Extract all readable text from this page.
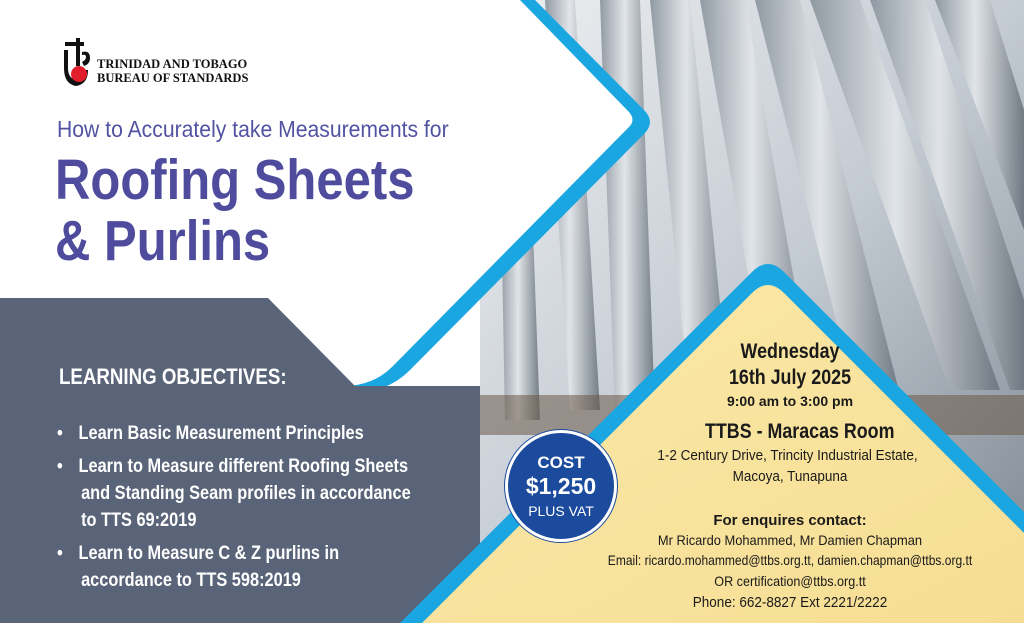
TRINIDAD AND TOBAGO
BUREAU OF STANDARDS
How to Accurately take Measurements for
Roofing Sheets
& Purlins
LEARNING OBJECTIVES:
• Learn Basic Measurement Principles
• Learn to Measure different Roofing Sheets
and Standing Seam profiles in accordance
to TTS 69:2019
• Learn to Measure C & Z purlins in
accordance to TTS 598:2019
COST
$1,250
PLUS VAT
Wednesday
16th July 2025
9:00 am to 3:00 pm
TTBS - Maracas Room
1-2 Century Drive, Trincity Industrial Estate,
Macoya, Tunapuna
For enquires contact:
Mr Ricardo Mohammed, Mr Damien Chapman
Email: ricardo.mohammed@ttbs.org.tt, damien.chapman@ttbs.org.tt
OR certification@ttbs.org.tt
Phone: 662-8827 Ext 2221/2222
